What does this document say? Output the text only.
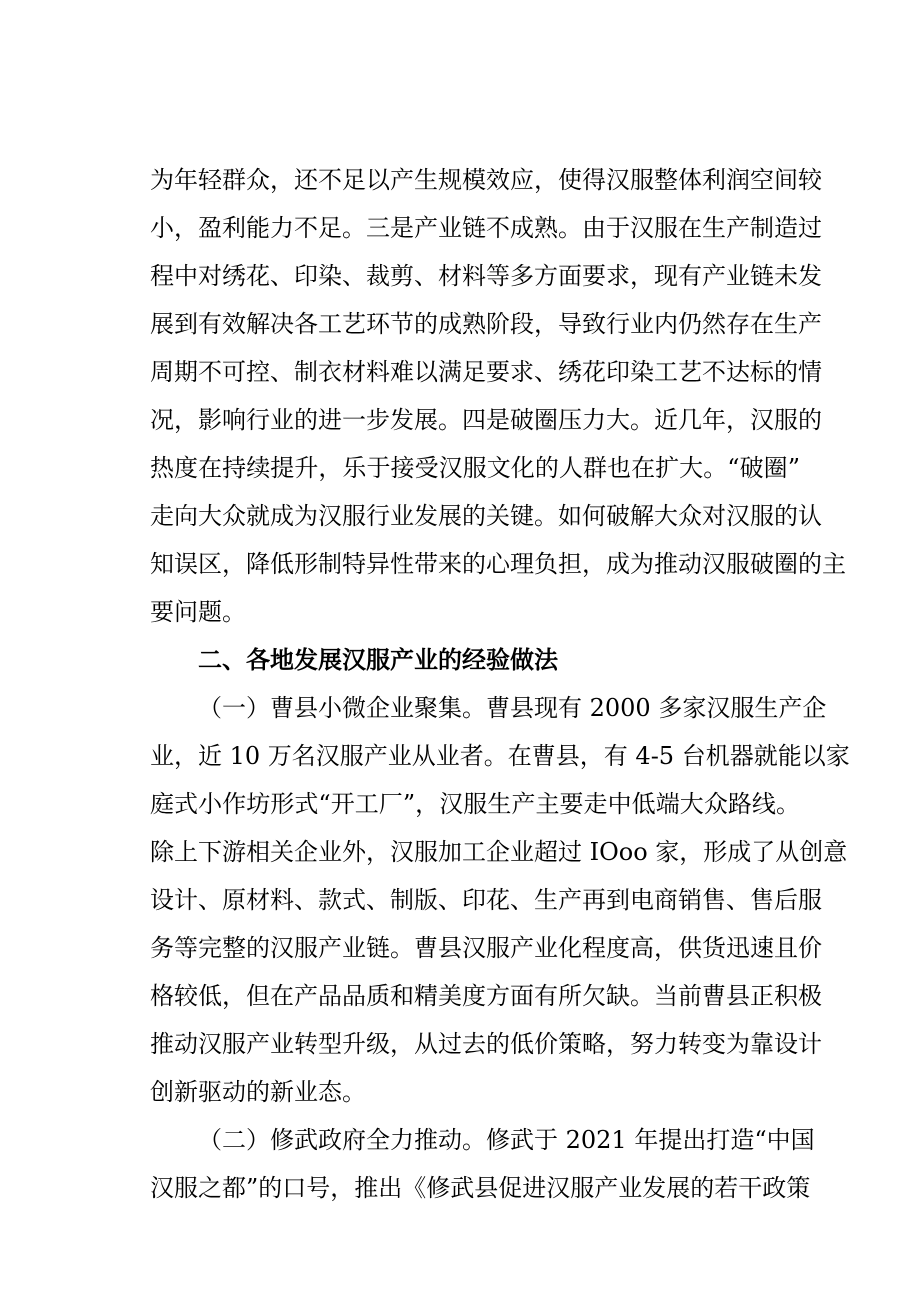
为年轻群众，还不足以产生规模效应，使得汉服整体利润空间较
小，盈利能力不足。三是产业链不成熟。由于汉服在生产制造过
程中对绣花、印染、裁剪、材料等多方面要求，现有产业链未发
展到有效解决各工艺环节的成熟阶段，导致行业内仍然存在生产
周期不可控、制衣材料难以满足要求、绣花印染工艺不达标的情
况，影响行业的进一步发展。四是破圈压力大。近几年，汉服的
热度在持续提升，乐于接受汉服文化的人群也在扩大。“破圈”
走向大众就成为汉服行业发展的关键。如何破解大众对汉服的认
知误区，降低形制特异性带来的心理负担，成为推动汉服破圈的主
要问题。
二、各地发展汉服产业的经验做法
（一）曹县小微企业聚集。曹县现有 2000 多家汉服生产企
业，近 10 万名汉服产业从业者。在曹县，有 4-5 台机器就能以家
庭式小作坊形式“开工厂”，汉服生产主要走中低端大众路线。
除上下游相关企业外，汉服加工企业超过 IOoo 家，形成了从创意
设计、原材料、款式、制版、印花、生产再到电商销售、售后服
务等完整的汉服产业链。曹县汉服产业化程度高，供货迅速且价
格较低，但在产品品质和精美度方面有所欠缺。当前曹县正积极
推动汉服产业转型升级，从过去的低价策略，努力转变为靠设计
创新驱动的新业态。
（二）修武政府全力推动。修武于 2021 年提出打造“中国
汉服之都”的口号，推出《修武县促进汉服产业发展的若干政策
